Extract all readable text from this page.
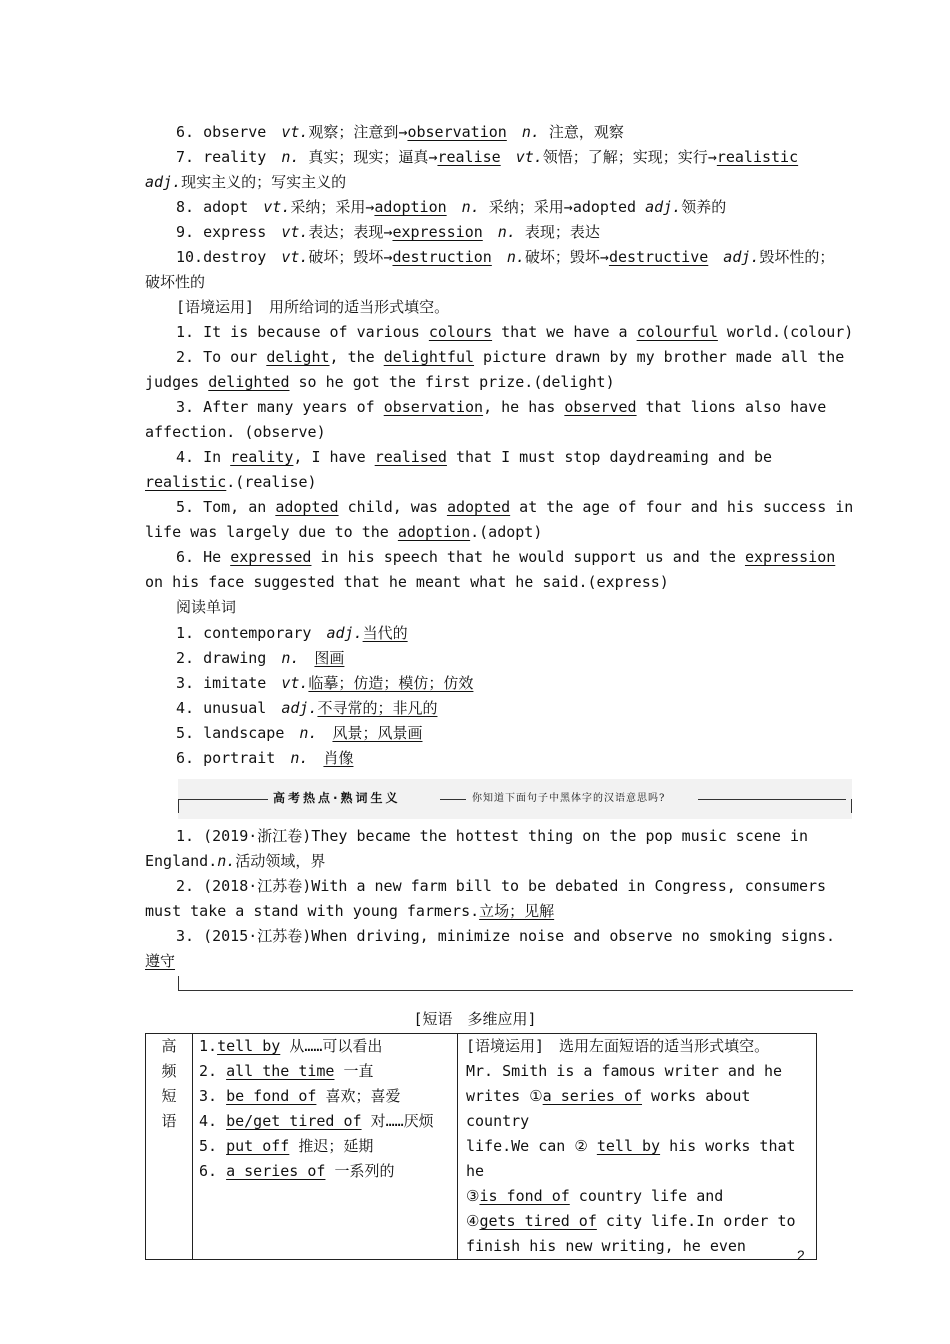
6. observe　 vt.观察；注意到→observation　 n. 注意，观察
7. reality　 n. 真实；现实；逼真→realise　 vt.领悟；了解；实现；实行→realistic
adj.现实主义的；写实主义的
8. adopt　 vt.采纳；采用→adoption　 n. 采纳；采用→adopted adj.领养的
9. express　 vt.表达；表现→expression　 n. 表现；表达
10.destroy　 vt.破坏；毁坏→destruction　 n.破坏；毁坏→destructive　 adj.毁坏性的；
破坏性的
[语境运用]　用所给词的适当形式填空。
1. It is because of various colours that we have a colourful world.(colour)
2. To our delight, the delightful picture drawn by my brother made all the
judges delighted so he got the first prize.(delight)
3. After many years of observation, he has observed that lions also have
affection. (observe)
4. In reality, I have realised that I must stop daydreaming and be
realistic.(realise)
5. Tom, an adopted child, was adopted at the age of four and his success in
life was largely due to the adoption.(adopt)
6. He expressed in his speech that he would support us and the expression
on his face suggested that he meant what he said.(express)
阅读单词
1. contemporary　 adj.当代的
2. drawing　 n.　 图画
3. imitate　 vt.临摹；仿造；模仿；仿效
4. unusual　 adj.不寻常的；非凡的
5. landscape　 n.　 风景；风景画
6. portrait　 n.　 肖像
高考热点·熟词生义	你知道下面句子中黑体字的汉语意思吗?
1. (2019·浙江卷)They became the hottest thing on the pop music scene in
England.n.活动领域，界
2. (2018·江苏卷)With a new farm bill to be debated in Congress, consumers
must take a stand with young farmers.立场；见解
3. (2015·江苏卷)When driving, minimize noise and observe no smoking signs.
遵守
[短语　多维应用]
高
频
短
语

1.tell by 从……可以看出
2. all the time 一直
3. be fond of 喜欢；喜爱
4. be/get tired of 对……厌烦
5. put off 推迟；延期
6. a series of 一系列的

[语境运用]　选用左面短语的适当形式填空。
Mr. Smith is a famous writer and he
writes ①a series of works about country
life.We can ② tell by his works that he
③is fond of country life and
④gets tired of city life.In order to
finish his new writing, he even	2
